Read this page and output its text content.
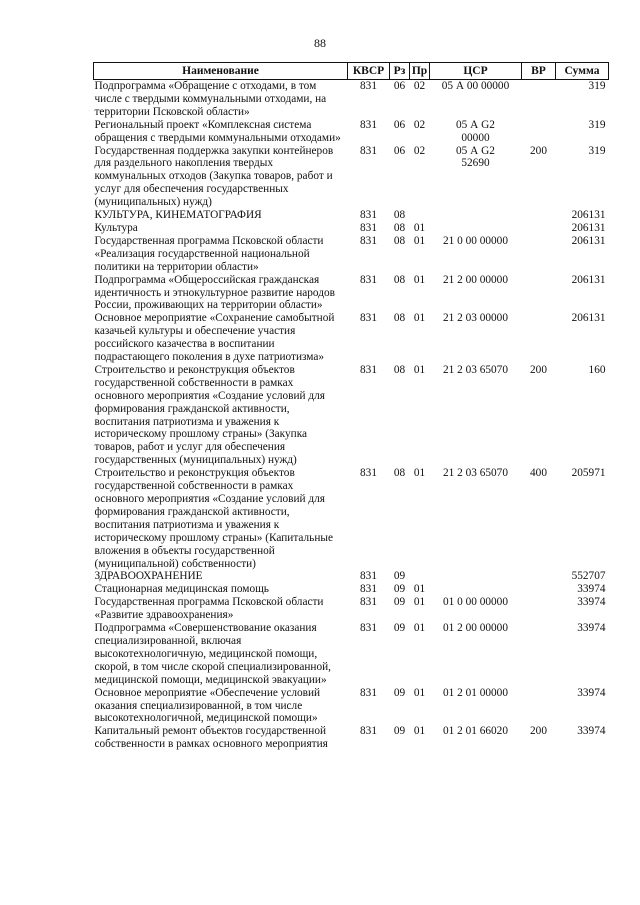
88
Наименование	КВСР	Рз	Пр	ЦСР	ВР	Сумма
Подпрограмма «Обращение с отходами, в том числе с твердыми коммунальными отходами, на территории Псковской области»	831	06	02	05 А 00 00000		319
Региональный проект «Комплексная система обращения с твердыми коммунальными отходами»	831	06	02	05 А G2 00000		319
Государственная поддержка закупки контейнеров для раздельного накопления твердых коммунальных отходов (Закупка товаров, работ и услуг для обеспечения государственных (муниципальных) нужд)	831	06	02	05 А G2 52690	200	319
КУЛЬТУРА, КИНЕМАТОГРАФИЯ	831	08				206131
Культура	831	08	01			206131
Государственная программа Псковской области «Реализация государственной национальной политики на территории области»	831	08	01	21 0 00 00000		206131
Подпрограмма «Общероссийская гражданская идентичность и этнокультурное развитие народов России, проживающих на территории области»	831	08	01	21 2 00 00000		206131
Основное мероприятие «Сохранение самобытной казачьей культуры и обеспечение участия российского казачества в воспитании подрастающего поколения в духе патриотизма»	831	08	01	21 2 03 00000		206131
Строительство и реконструкция объектов государственной собственности в рамках основного мероприятия «Создание условий для формирования гражданской активности, воспитания патриотизма и уважения к историческому прошлому страны» (Закупка товаров, работ и услуг для обеспечения государственных (муниципальных) нужд)	831	08	01	21 2 03 65070	200	160
Строительство и реконструкция объектов государственной собственности в рамках основного мероприятия «Создание условий для формирования гражданской активности, воспитания патриотизма и уважения к историческому прошлому страны» (Капитальные вложения в объекты государственной (муниципальной) собственности)	831	08	01	21 2 03 65070	400	205971
ЗДРАВООХРАНЕНИЕ	831	09				552707
Стационарная медицинская помощь	831	09	01			33974
Государственная программа Псковской области «Развитие здравоохранения»	831	09	01	01 0 00 00000		33974
Подпрограмма «Совершенствование оказания специализированной, включая высокотехнологичную, медицинской помощи, скорой, в том числе скорой специализированной, медицинской помощи, медицинской эвакуации»	831	09	01	01 2 00 00000		33974
Основное мероприятие «Обеспечение условий оказания специализированной, в том числе высокотехнологичной, медицинской помощи»	831	09	01	01 2 01 00000		33974
Капитальный ремонт объектов государственной собственности в рамках основного мероприятия	831	09	01	01 2 01 66020	200	33974
